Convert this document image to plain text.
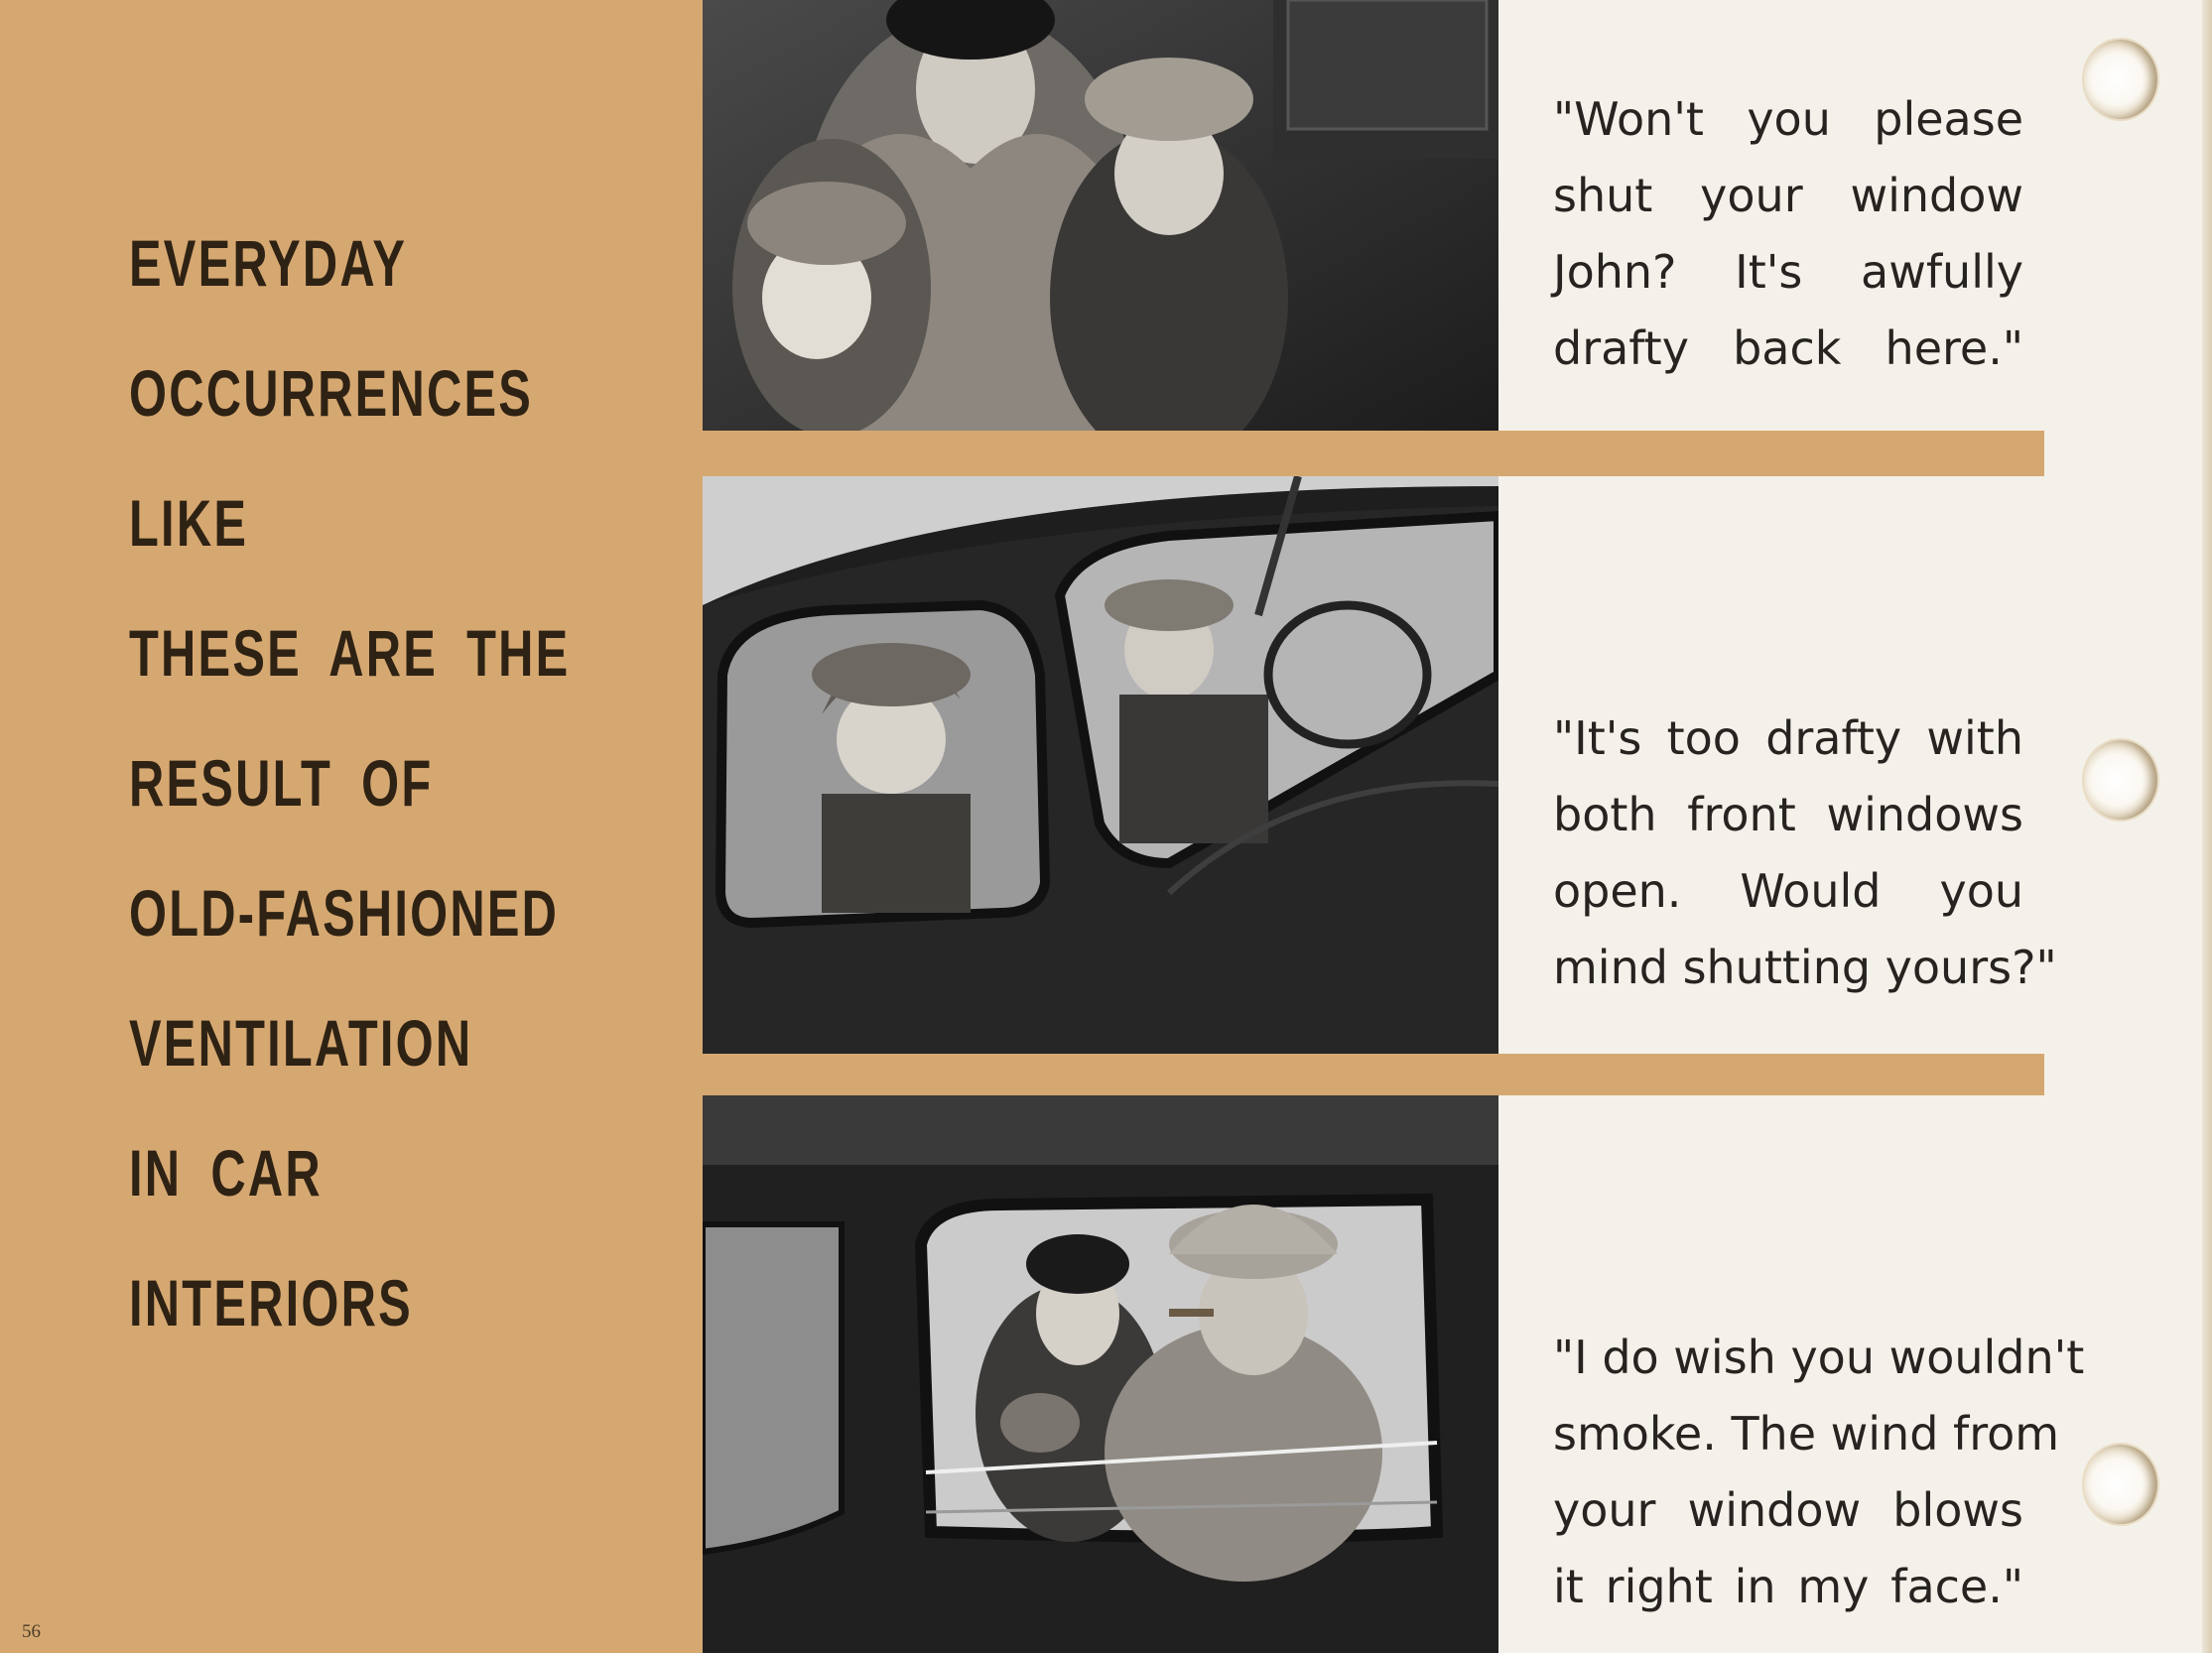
EVERYDAY
OCCURRENCES
LIKE
THESE ARE THE
RESULT OF
OLD-FASHIONED
VENTILATION
IN CAR
INTERIORS
56
"Won't you please
shut your window
John? It's awfully
drafty back here."
"It's too drafty with
both front windows
open. Would you
mind shutting yours?"
"I do wish you wouldn't
smoke. The wind from
your window blows
it right in my face."
